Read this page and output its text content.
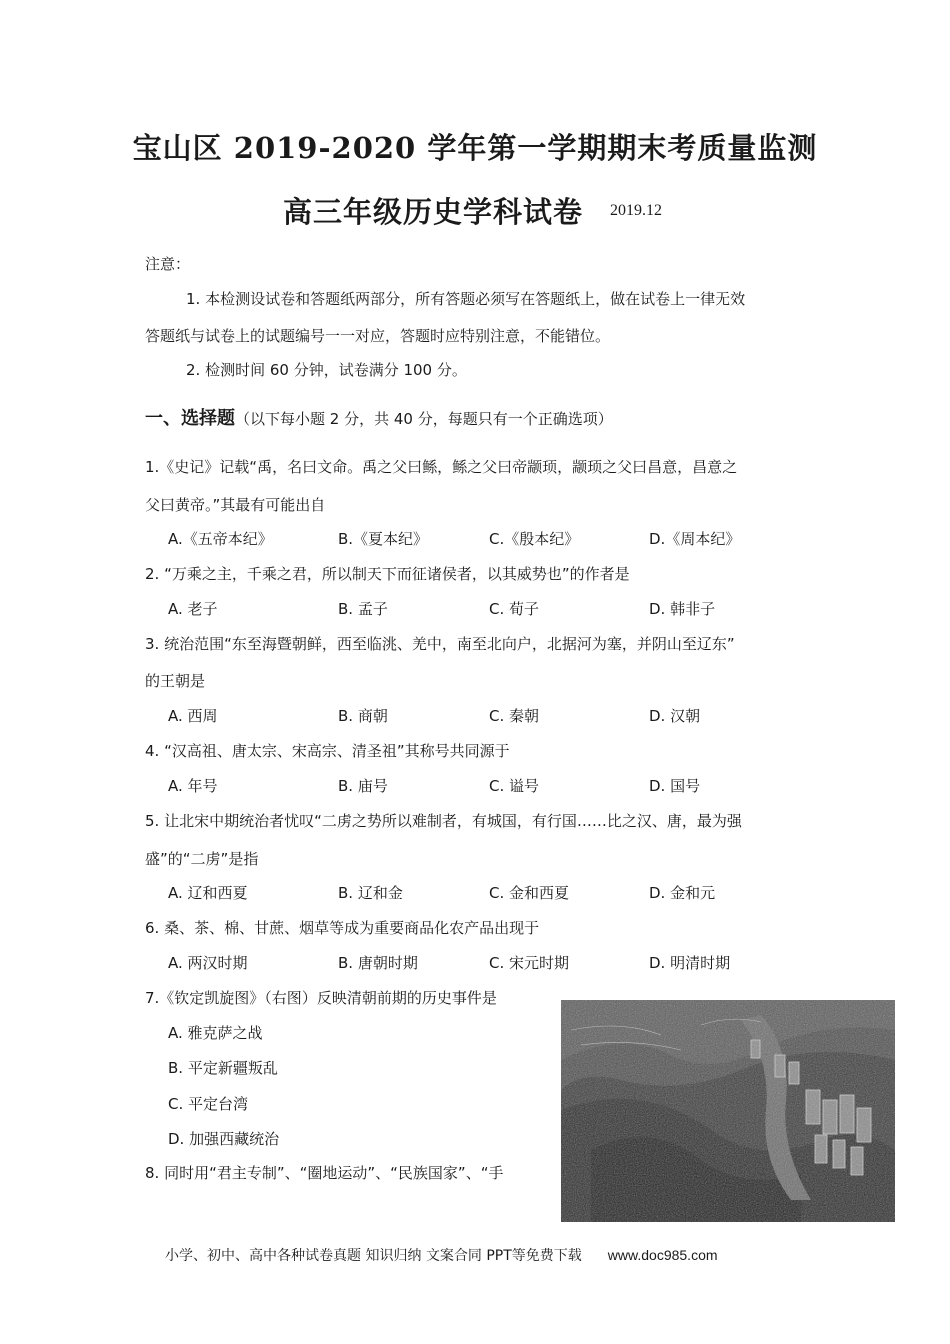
宝山区 2019-2020 学年第一学期期末考质量监测
高三年级历史学科试卷 2019.12
注意：
1. 本检测设试卷和答题纸两部分，所有答题必须写在答题纸上，做在试卷上一律无效
答题纸与试卷上的试题编号一一对应，答题时应特别注意，不能错位。
2. 检测时间 60 分钟，试卷满分 100 分。
一、选择题（以下每小题 2 分，共 40 分，每题只有一个正确选项）
1.《史记》记载“禹，名曰文命。禹之父曰鲧，鲧之父曰帝颛顼，颛顼之父曰昌意，昌意之
父曰黄帝。”其最有可能出自
A.《五帝本纪》	B.《夏本纪》	C.《殷本纪》	D.《周本纪》
2. “万乘之主，千乘之君，所以制天下而征诸侯者，以其威势也”的作者是
A. 老子	B. 孟子	C. 荀子	D. 韩非子
3. 统治范围“东至海暨朝鲜，西至临洮、羌中，南至北向户，北据河为塞，并阴山至辽东”
的王朝是
A. 西周	B. 商朝	C. 秦朝	D. 汉朝
4. “汉高祖、唐太宗、宋高宗、清圣祖”其称号共同源于
A. 年号	B. 庙号	C. 谥号	D. 国号
5. 让北宋中期统治者忧叹“二虏之势所以难制者，有城国，有行国……比之汉、唐，最为强
盛”的“二虏”是指
A. 辽和西夏	B. 辽和金	C. 金和西夏	D. 金和元
6. 桑、茶、棉、甘蔗、烟草等成为重要商品化农产品出现于
A. 两汉时期	B. 唐朝时期	C. 宋元时期	D. 明清时期
7.《钦定凯旋图》（右图）反映清朝前期的历史事件是
A. 雅克萨之战
B. 平定新疆叛乱
C. 平定台湾
D. 加强西藏统治
8. 同时用“君主专制”、“圈地运动”、“民族国家”、“手
小学、初中、高中各种试卷真题 知识归纳 文案合同 PPT等免费下载 www.doc985.com
